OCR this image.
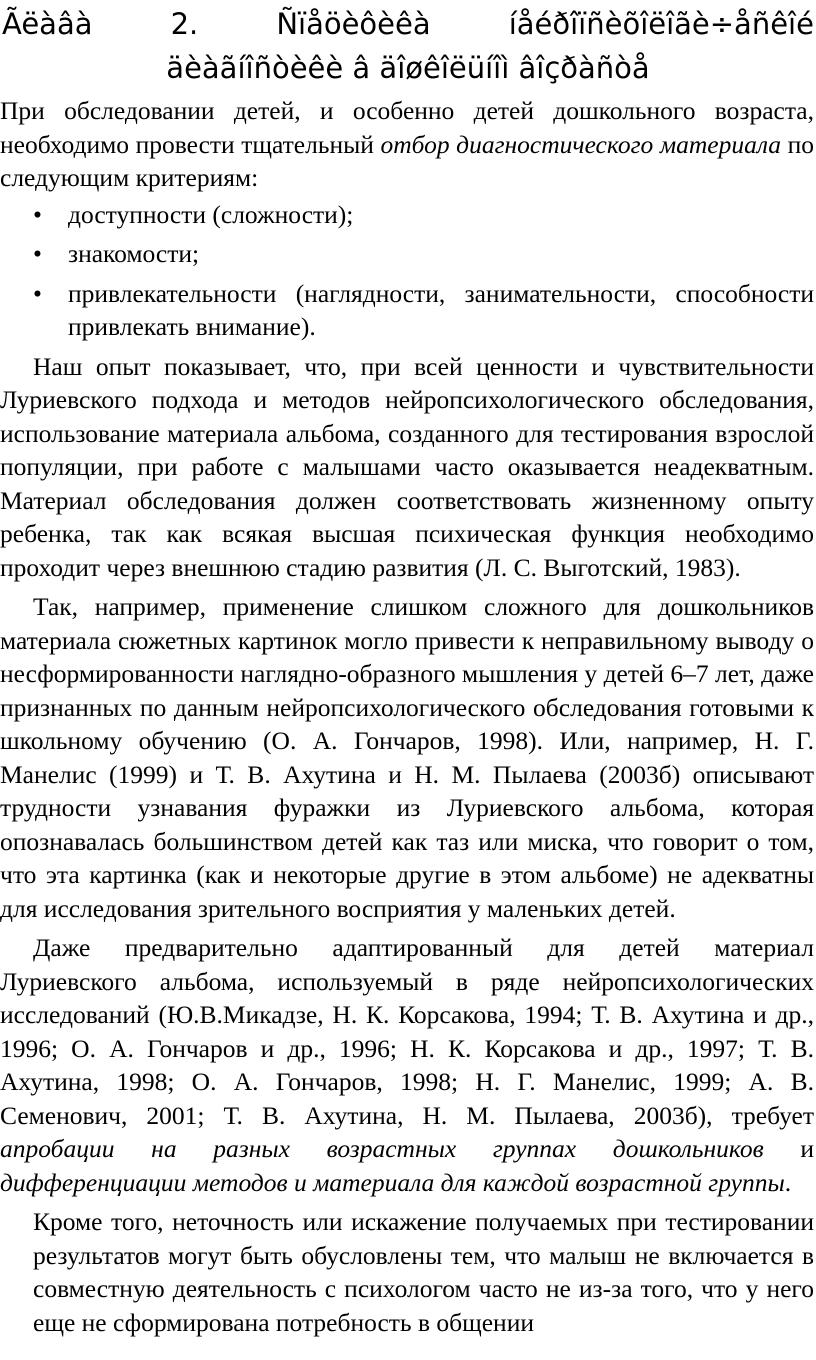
Ãëàâà	2.	Ñïåöèôèêà	íåéðîïñèõîëîãè÷åñêîé
äèàãíîñòèêè â äîøêîëüíîì âîçðàñòå

При обследовании детей, и особенно детей дошкольного возраста, необходимо провести тщательный отбор диагностического материала по следующим критериям:

• доступности (сложности);
• знакомости;
• привлекательности (наглядности, занимательности, способности привлекать внимание).

Наш опыт показывает, что, при всей ценности и чувствительности Луриевского подхода и методов нейропсихологического обследования, использование материала альбома, созданного для тестирования взрослой популяции, при работе с малышами часто оказывается неадекватным. Материал обследования должен соответствовать жизненному опыту ребенка, так как всякая высшая психическая функция необходимо проходит через внешнюю стадию развития (Л. С. Выготский, 1983).

Так, например, применение слишком сложного для дошкольников материала сюжетных картинок могло привести к неправильному выводу о несформированности наглядно-образного мышления у детей 6–7 лет, даже признанных по данным нейропсихологического обследования готовыми к школьному обучению (О. А. Гончаров, 1998). Или, например, Н. Г. Манелис (1999) и Т. В. Ахутина и Н. М. Пылаева (2003б) описывают трудности узнавания фуражки из Луриевского альбома, которая опознавалась большинством детей как таз или миска, что говорит о том, что эта картинка (как и некоторые другие в этом альбоме) не адекватны для исследования зрительного восприятия у маленьких детей.

Даже предварительно адаптированный для детей материал Луриевского альбома, используемый в ряде нейропсихологических исследований (Ю.В.Микадзе, Н. К. Корсакова, 1994; Т. В. Ахутина и др., 1996; О. А. Гончаров и др., 1996; Н. К. Корсакова и др., 1997; Т. В. Ахутина, 1998; О. А. Гончаров, 1998; Н. Г. Манелис, 1999; А. В. Семенович, 2001; Т. В. Ахутина, Н. М. Пылаева, 2003б), требует апробации на разных возрастных группах дошкольников и дифференциации методов и материала для каждой возрастной группы.

Кроме того, неточность или искажение получаемых при тестировании результатов могут быть обусловлены тем, что малыш не включается в совместную деятельность с психологом часто не из-за того, что у него еще не сформирована потребность в общении
